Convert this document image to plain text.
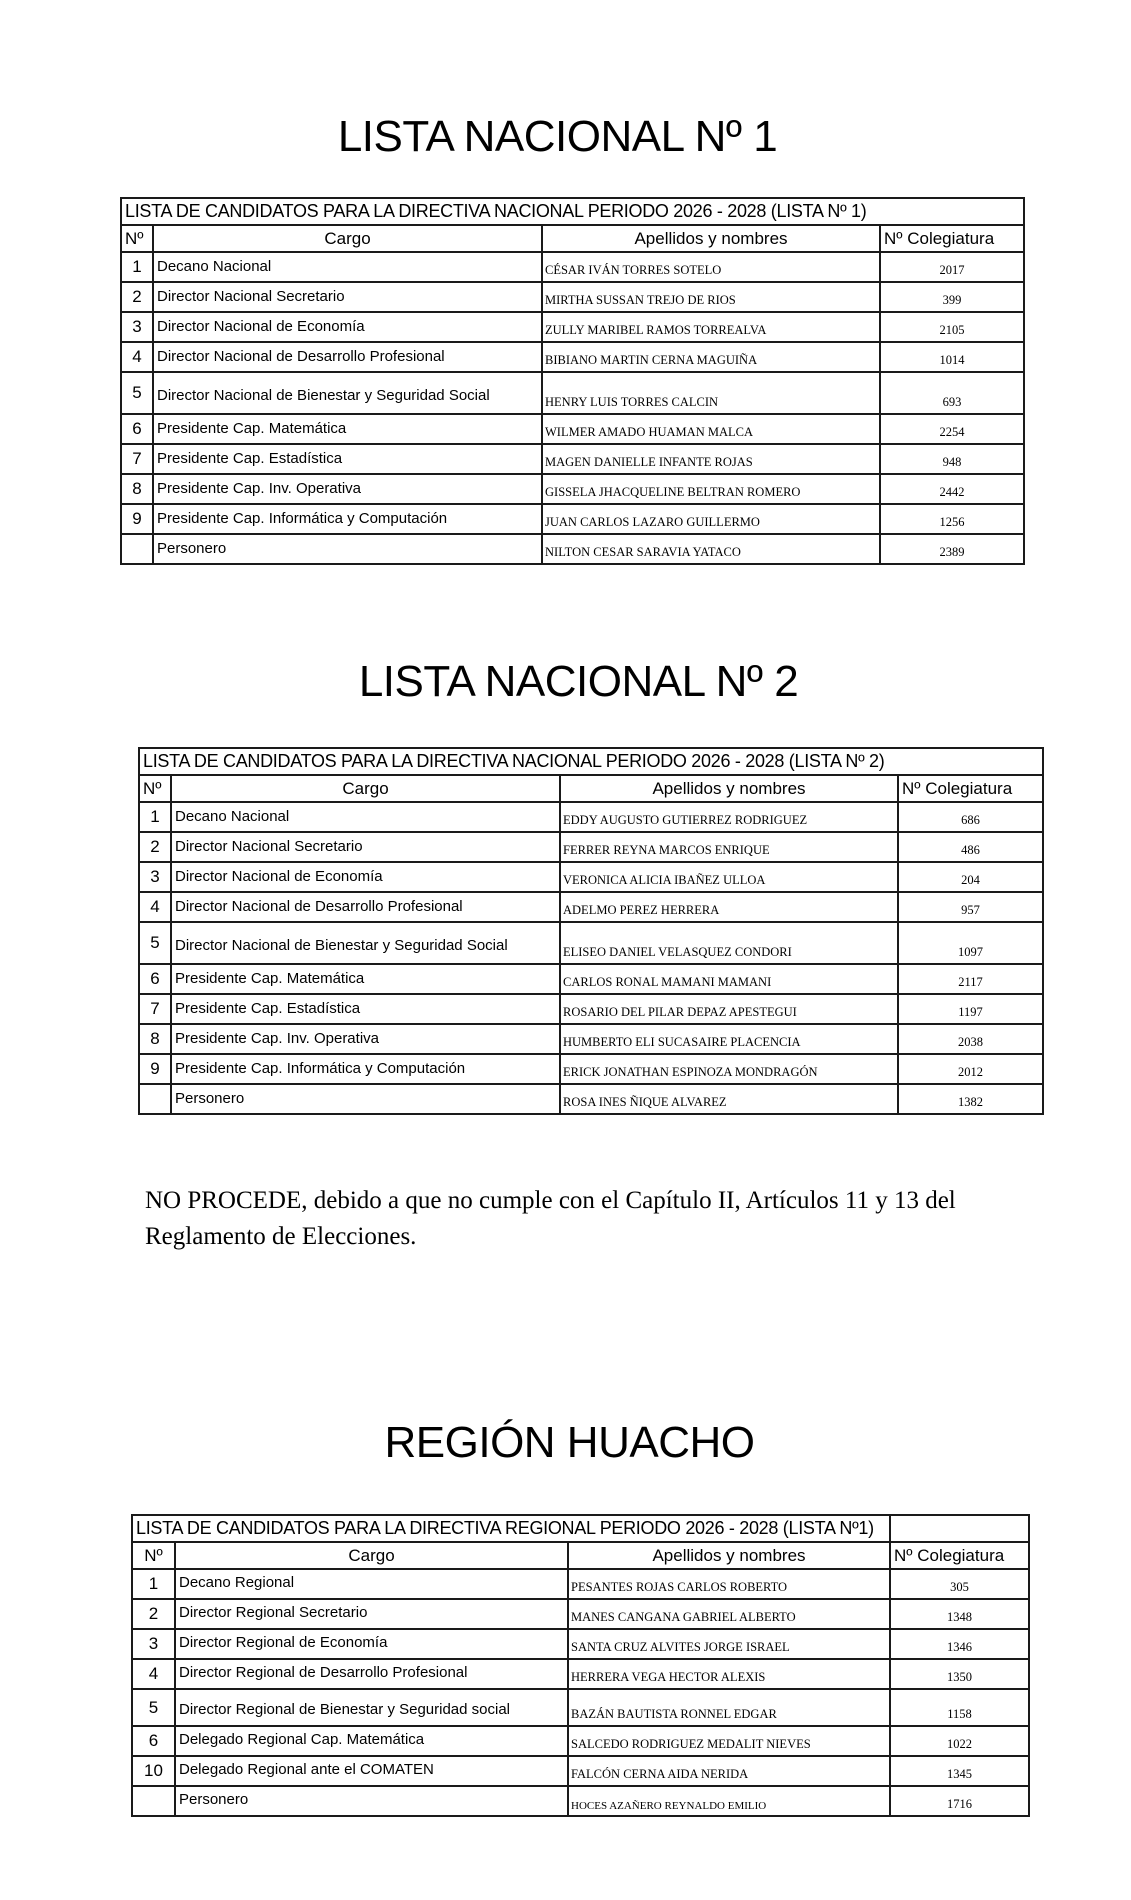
LISTA NACIONAL Nº 1
LISTA DE CANDIDATOS PARA LA DIRECTIVA NACIONAL PERIODO 2026 - 2028 (LISTA Nº 1)			
Nº	Cargo	Apellidos y nombres	Nº Colegiatura
1	Decano Nacional	CÉSAR IVÁN TORRES SOTELO	2017
2	Director Nacional Secretario	MIRTHA SUSSAN TREJO DE RIOS	399
3	Director Nacional de Economía	ZULLY MARIBEL RAMOS TORREALVA	2105
4	Director Nacional de Desarrollo Profesional	BIBIANO MARTIN CERNA MAGUIÑA	1014
5	Director Nacional de Bienestar y Seguridad Social	HENRY LUIS TORRES CALCIN	693
6	Presidente Cap. Matemática	WILMER AMADO HUAMAN MALCA	2254
7	Presidente Cap. Estadística	MAGEN DANIELLE INFANTE ROJAS	948
8	Presidente Cap. Inv. Operativa	GISSELA JHACQUELINE BELTRAN ROMERO	2442
9	Presidente Cap. Informática y Computación	JUAN CARLOS LAZARO GUILLERMO	1256
	Personero	NILTON CESAR SARAVIA YATACO	2389
LISTA NACIONAL Nº 2
LISTA DE CANDIDATOS PARA LA DIRECTIVA NACIONAL PERIODO 2026 - 2028 (LISTA Nº 2)			
Nº	Cargo	Apellidos y nombres	Nº Colegiatura
1	Decano Nacional	EDDY AUGUSTO GUTIERREZ RODRIGUEZ	686
2	Director Nacional Secretario	FERRER REYNA MARCOS ENRIQUE	486
3	Director Nacional de Economía	VERONICA ALICIA IBAÑEZ ULLOA	204
4	Director Nacional de Desarrollo Profesional	ADELMO PEREZ HERRERA	957
5	Director Nacional de Bienestar y Seguridad Social	ELISEO DANIEL VELASQUEZ CONDORI	1097
6	Presidente Cap. Matemática	CARLOS RONAL MAMANI MAMANI	2117
7	Presidente Cap. Estadística	ROSARIO DEL PILAR DEPAZ APESTEGUI	1197
8	Presidente Cap. Inv. Operativa	HUMBERTO ELI SUCASAIRE PLACENCIA	2038
9	Presidente Cap. Informática y Computación	ERICK JONATHAN ESPINOZA MONDRAGÓN	2012
	Personero	ROSA INES ÑIQUE ALVAREZ	1382
NO PROCEDE, debido a que no cumple con el Capítulo II, Artículos 11 y 13 del Reglamento de Elecciones.
REGIÓN HUACHO
LISTA DE CANDIDATOS PARA LA DIRECTIVA REGIONAL PERIODO 2026 - 2028 (LISTA Nº1)			
Nº	Cargo	Apellidos y nombres	Nº Colegiatura
1	Decano Regional	PESANTES ROJAS CARLOS ROBERTO	305
2	Director Regional Secretario	MANES CANGANA GABRIEL ALBERTO	1348
3	Director Regional de Economía	SANTA CRUZ ALVITES JORGE ISRAEL	1346
4	Director Regional de Desarrollo Profesional	HERRERA VEGA HECTOR ALEXIS	1350
5	Director Regional de Bienestar y Seguridad social	BAZÁN BAUTISTA RONNEL EDGAR	1158
6	Delegado Regional Cap. Matemática	SALCEDO RODRIGUEZ MEDALIT NIEVES	1022
10	Delegado Regional ante el COMATEN	FALCÓN CERNA AIDA NERIDA	1345
	Personero	HOCES AZAÑERO REYNALDO EMILIO	1716
